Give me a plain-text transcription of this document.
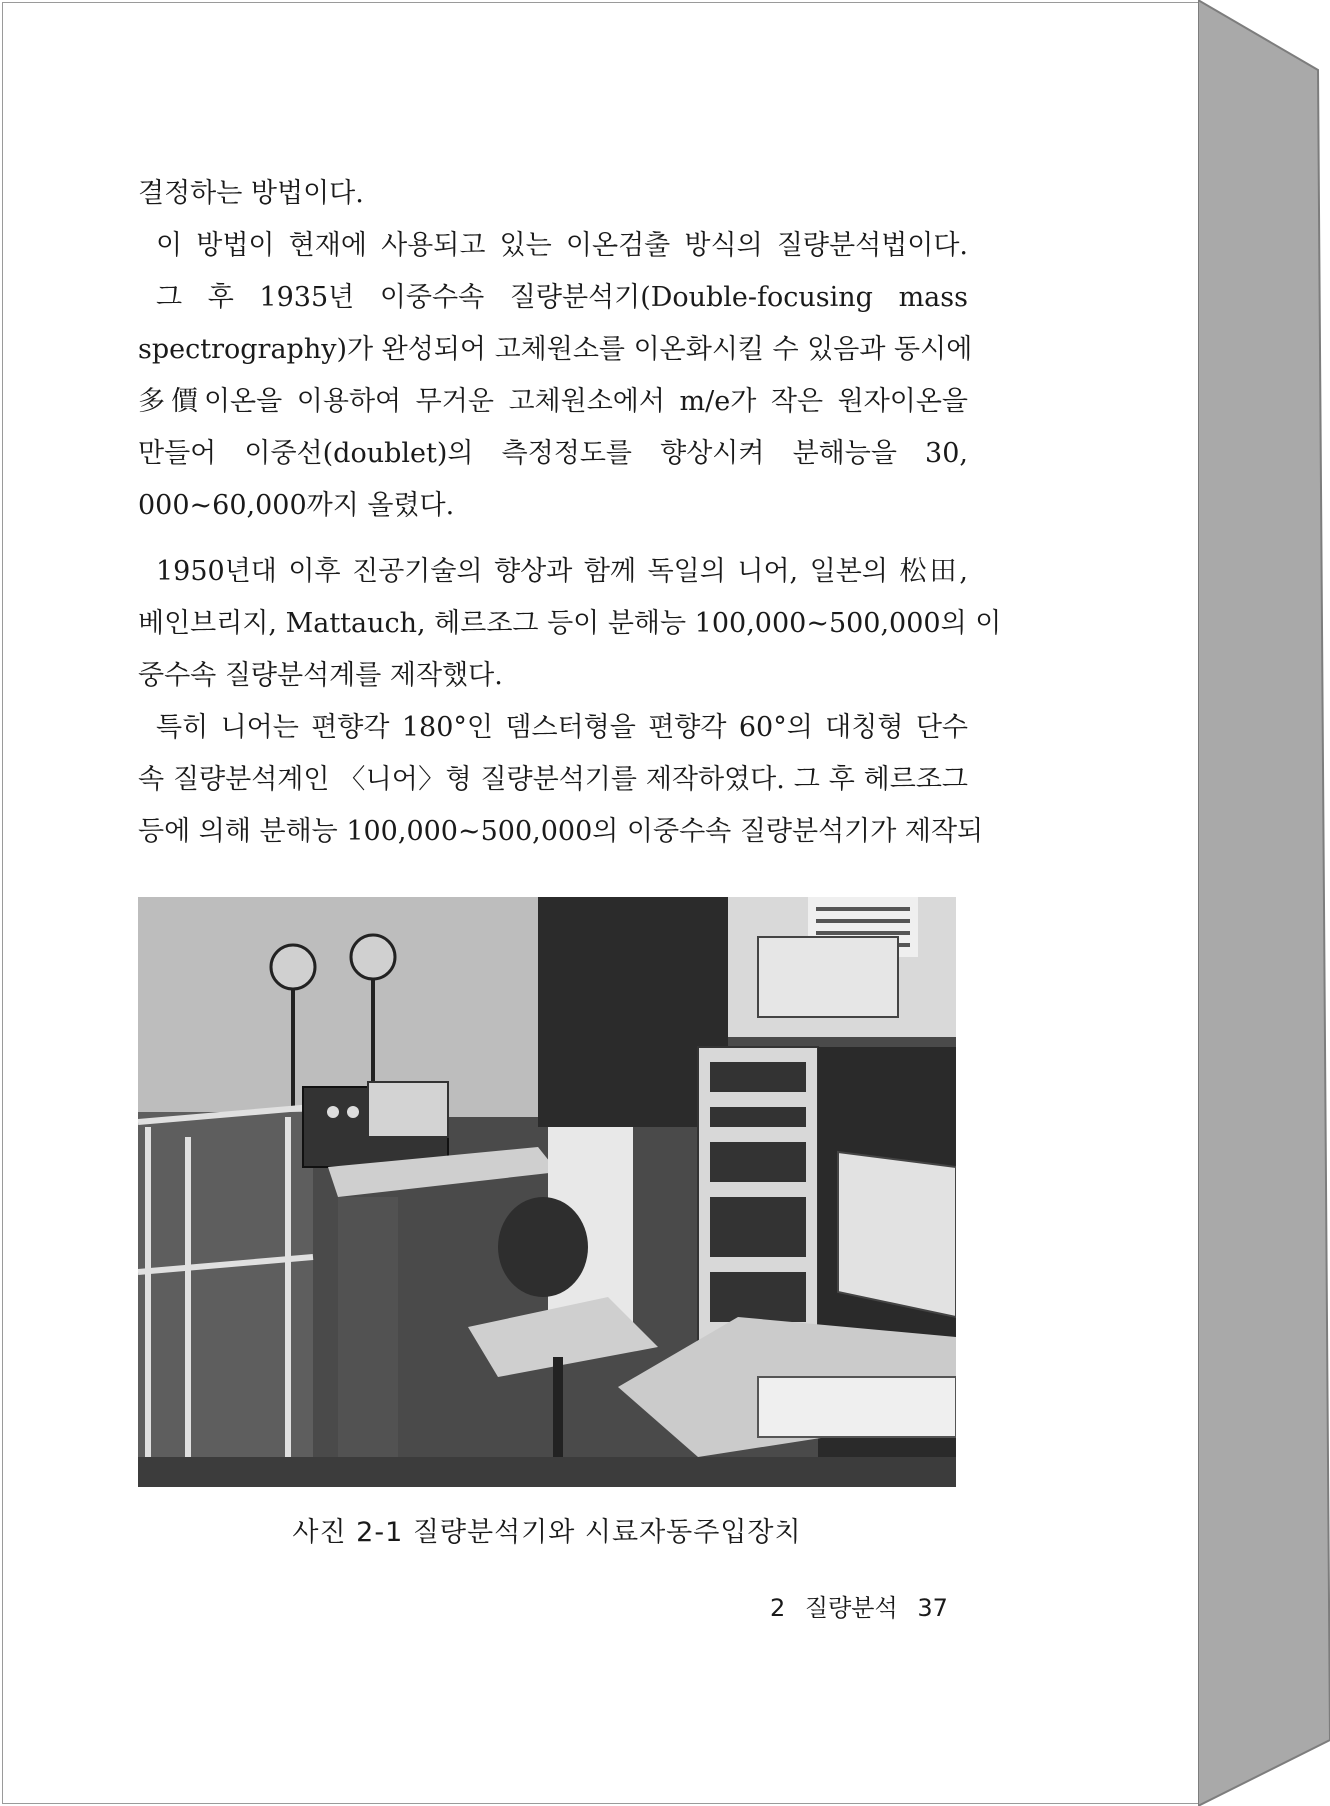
결정하는 방법이다.
이 방법이 현재에 사용되고 있는 이온검출 방식의 질량분석법이다.
그 후 1935년 이중수속 질량분석기(Double-focusing mass
spectrography)가 완성되어 고체원소를 이온화시킬 수 있음과 동시에
多價이온을 이용하여 무거운 고체원소에서 m/e가 작은 원자이온을
만들어 이중선(doublet)의 측정정도를 향상시켜 분해능을 30,
000~60,000까지 올렸다.
1950년대 이후 진공기술의 향상과 함께 독일의 니어, 일본의 松田,
베인브리지, Mattauch, 헤르조그 등이 분해능 100,000~500,000의 이
중수속 질량분석계를 제작했다.
특히 니어는 편향각 180°인 뎀스터형을 편향각 60°의 대칭형 단수
속 질량분석계인 〈니어〉형 질량분석기를 제작하였다. 그 후 헤르조그
등에 의해 분해능 100,000~500,000의 이중수속 질량분석기가 제작되
사진 2-1 질량분석기와 시료자동주입장치
2 질량분석 37
